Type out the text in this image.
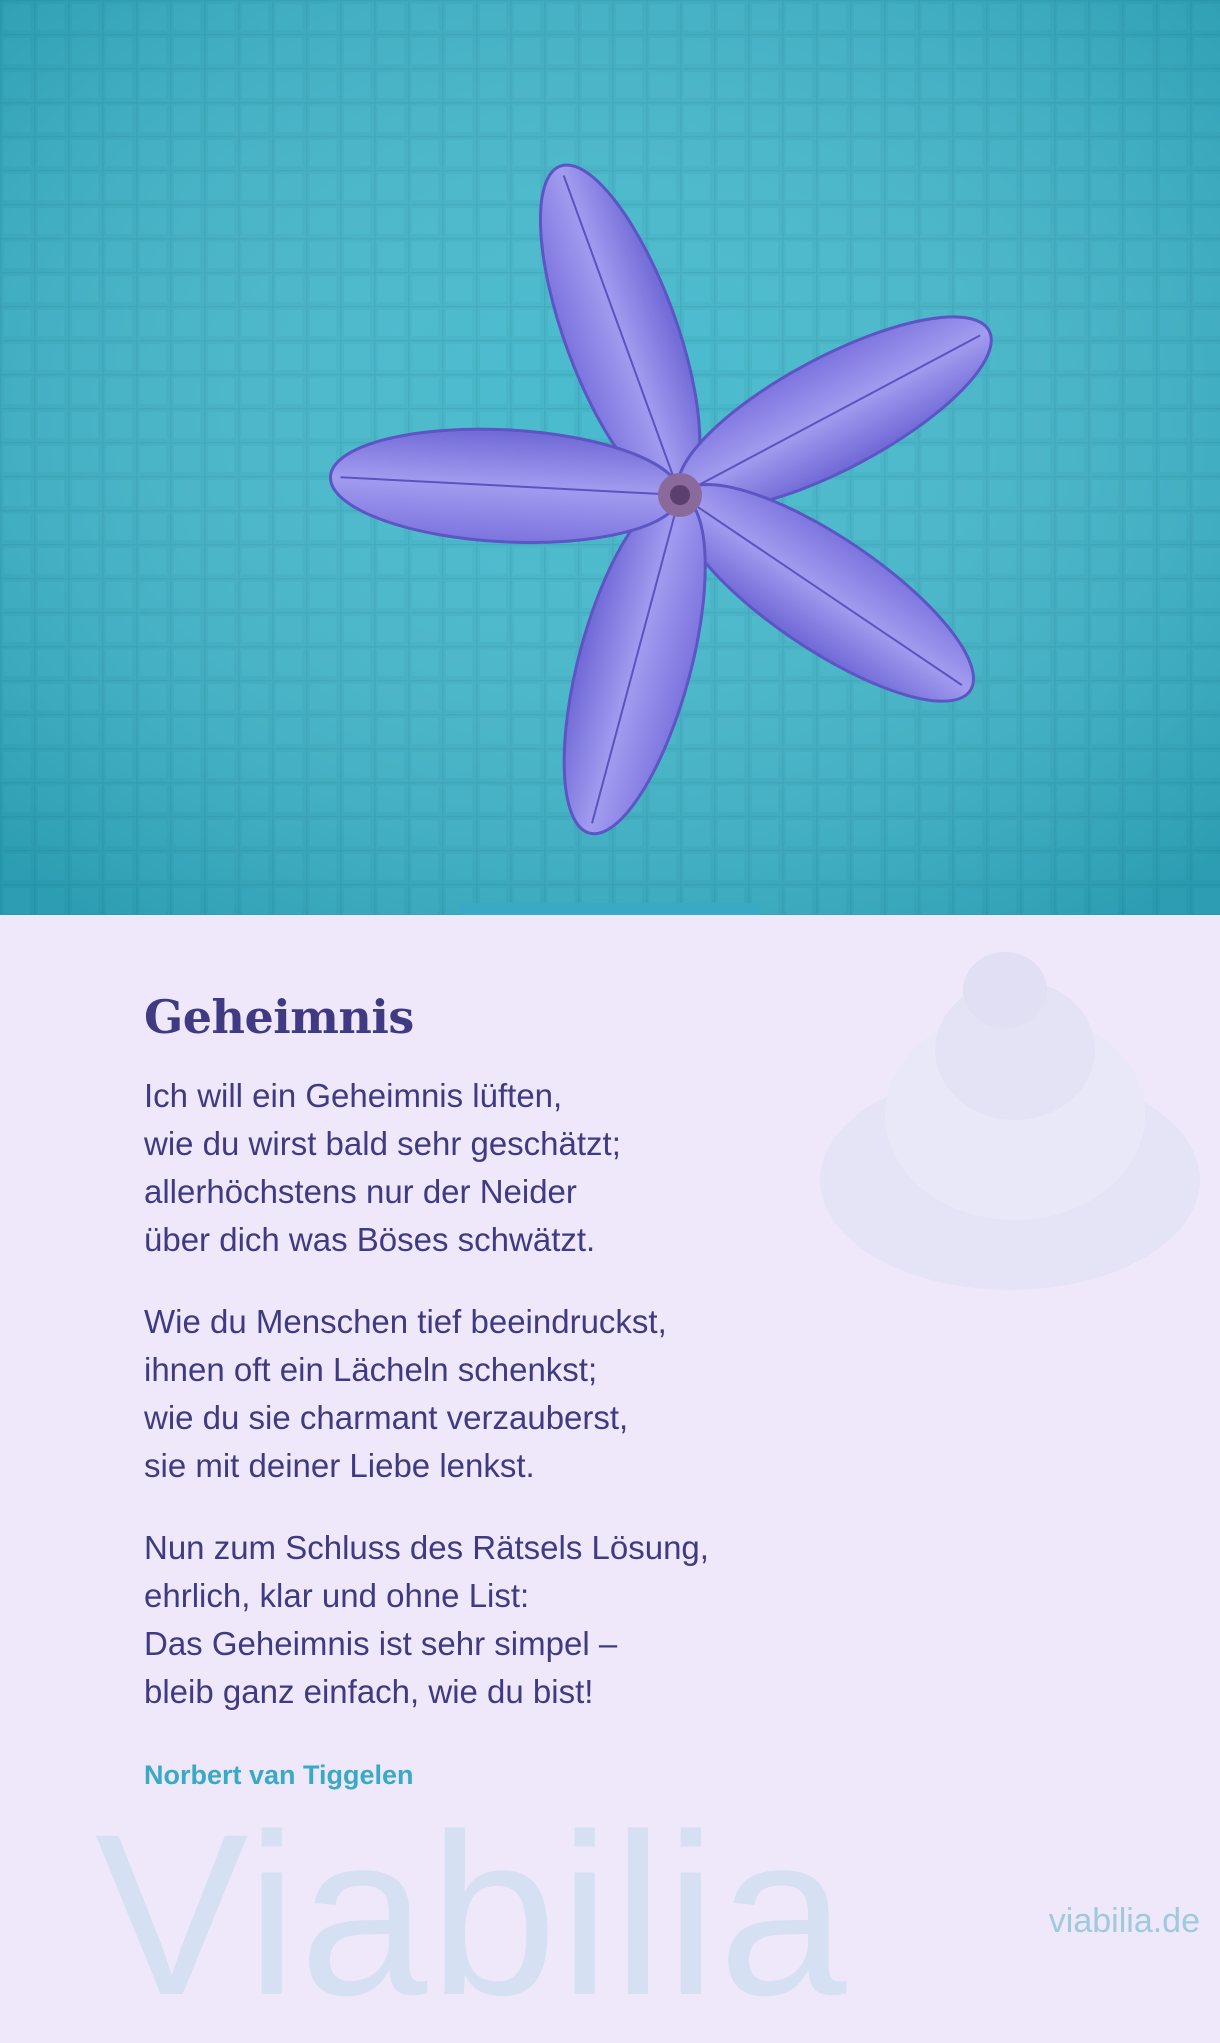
Viabilia
Geheimnis
Ich will ein Geheimnis lüften,
wie du wirst bald sehr geschätzt;
allerhöchstens nur der Neider
über dich was Böses schwätzt.
Wie du Menschen tief beeindruckst,
ihnen oft ein Lächeln schenkst;
wie du sie charmant verzauberst,
sie mit deiner Liebe lenkst.
Nun zum Schluss des Rätsels Lösung,
ehrlich, klar und ohne List:
Das Geheimnis ist sehr simpel –
bleib ganz einfach, wie du bist!
Norbert van Tiggelen
viabilia.de
